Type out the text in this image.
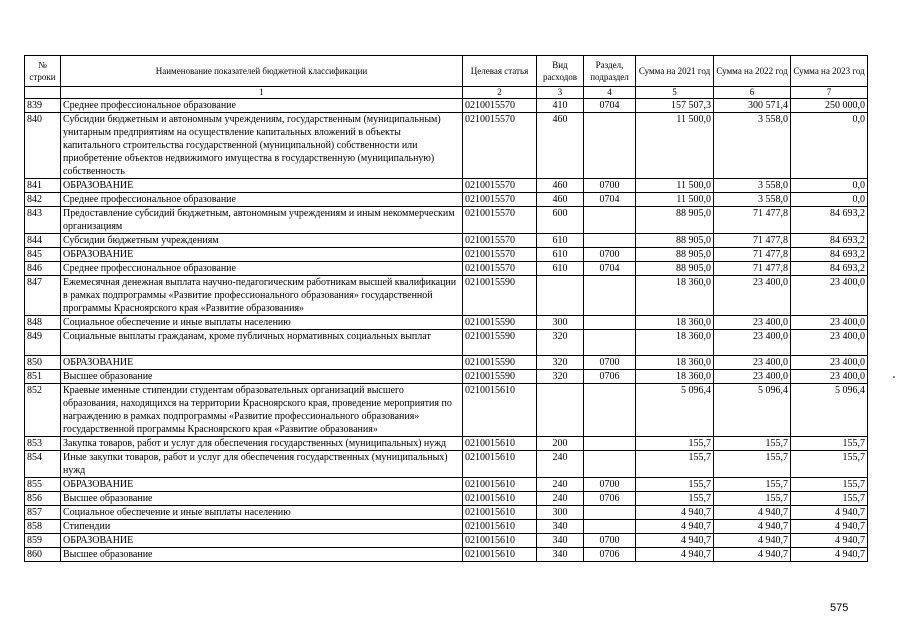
№ строки	Наименование показателей бюджетной классификации	Целевая статья	Вид расходов	Раздел, подраздел	Сумма на 2021 год	Сумма на 2022 год	Сумма на 2023 год
	1	2	3	4	5	6	7
839	Среднее профессиональное образование	0210015570	410	0704	157 507,3	300 571,4	250 000,0
840	Субсидии бюджетным и автономным учреждениям, государственным (муниципальным) унитарным предприятиям на осуществление капитальных вложений в объекты капитального строительства государственной (муниципальной) собственности или приобретение объектов недвижимого имущества в государственную (муниципальную) собственность	0210015570	460		11 500,0	3 558,0	0,0
841	ОБРАЗОВАНИЕ	0210015570	460	0700	11 500,0	3 558,0	0,0
842	Среднее профессиональное образование	0210015570	460	0704	11 500,0	3 558,0	0,0
843	Предоставление субсидий бюджетным, автономным учреждениям и иным некоммерческим организациям	0210015570	600		88 905,0	71 477,8	84 693,2
844	Субсидии бюджетным учреждениям	0210015570	610		88 905,0	71 477,8	84 693,2
845	ОБРАЗОВАНИЕ	0210015570	610	0700	88 905,0	71 477,8	84 693,2
846	Среднее профессиональное образование	0210015570	610	0704	88 905,0	71 477,8	84 693,2
847	Ежемесячная денежная выплата научно-педагогическим работникам высшей квалификации в рамках подпрограммы «Развитие профессионального образования» государственной программы Красноярского края «Развитие образования»	0210015590			18 360,0	23 400,0	23 400,0
848	Социальное обеспечение и иные выплаты населению	0210015590	300		18 360,0	23 400,0	23 400,0
849	Социальные выплаты гражданам, кроме публичных нормативных социальных выплат	0210015590	320		18 360,0	23 400,0	23 400,0
850	ОБРАЗОВАНИЕ	0210015590	320	0700	18 360,0	23 400,0	23 400,0
851	Высшее образование	0210015590	320	0706	18 360,0	23 400,0	23 400,0
852	Краевые именные стипендии студентам образовательных организаций высшего образования, находящихся на территории Красноярского края, проведение мероприятия по награждению в рамках подпрограммы «Развитие профессионального образования» государственной программы Красноярского края «Развитие образования»	0210015610			5 096,4	5 096,4	5 096,4
853	Закупка товаров, работ и услуг для обеспечения государственных (муниципальных) нужд	0210015610	200		155,7	155,7	155,7
854	Иные закупки товаров, работ и услуг для обеспечения государственных (муниципальных) нужд	0210015610	240		155,7	155,7	155,7
855	ОБРАЗОВАНИЕ	0210015610	240	0700	155,7	155,7	155,7
856	Высшее образование	0210015610	240	0706	155,7	155,7	155,7
857	Социальное обеспечение и иные выплаты населению	0210015610	300		4 940,7	4 940,7	4 940,7
858	Стипендии	0210015610	340		4 940,7	4 940,7	4 940,7
859	ОБРАЗОВАНИЕ	0210015610	340	0700	4 940,7	4 940,7	4 940,7
860	Высшее образование	0210015610	340	0706	4 940,7	4 940,7	4 940,7
575
